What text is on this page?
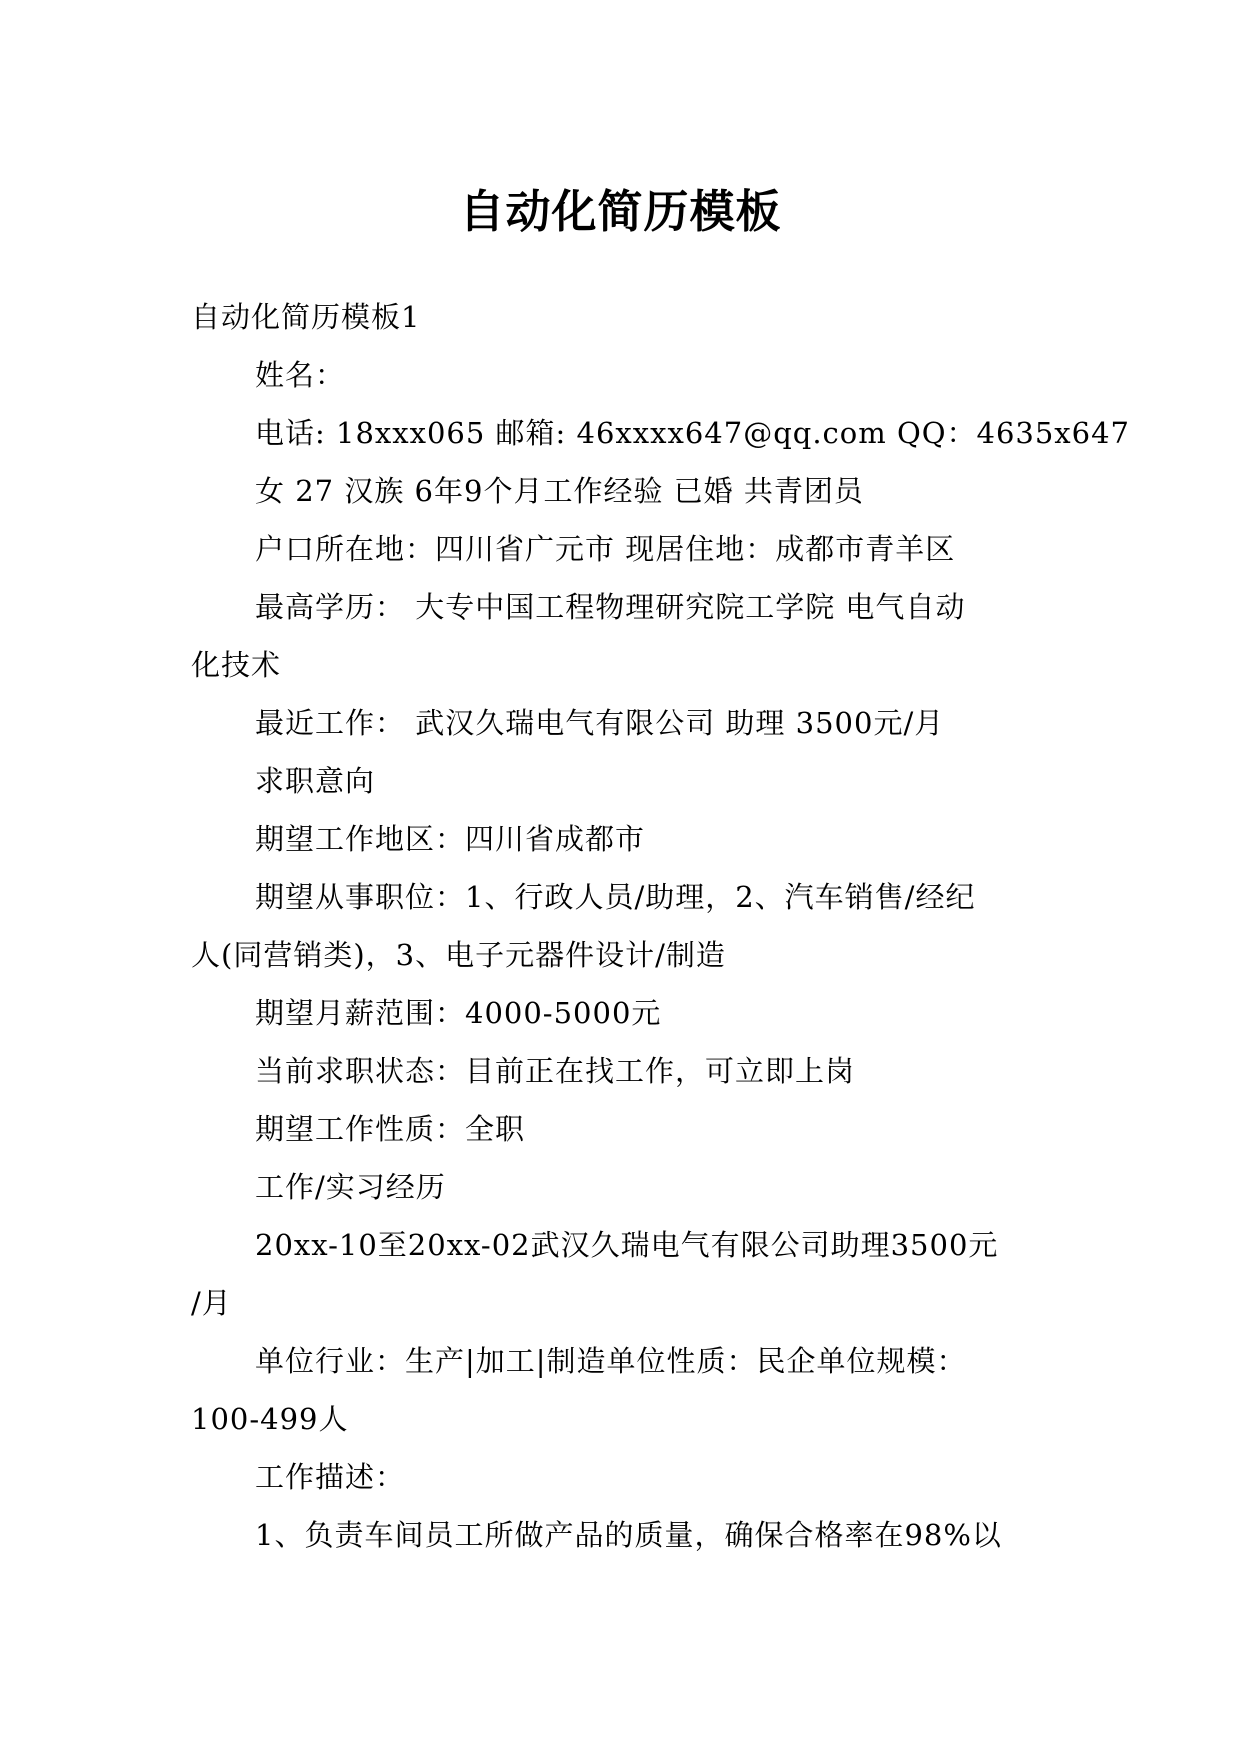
自动化简历模板

自动化简历模板1

姓名：

电话: 18xxx065 邮箱: 46xxxx647@qq.com QQ：4635x647

女 27 汉族 6年9个月工作经验 已婚 共青团员

户口所在地：四川省广元市 现居住地：成都市青羊区

最高学历： 大专中国工程物理研究院工学院 电气自动

化技术

最近工作： 武汉久瑞电气有限公司 助理 3500元/月

求职意向

期望工作地区：四川省成都市

期望从事职位：1、行政人员/助理，2、汽车销售/经纪

人(同营销类)，3、电子元器件设计/制造

期望月薪范围：4000-5000元

当前求职状态：目前正在找工作，可立即上岗

期望工作性质：全职

工作/实习经历

20xx-10至20xx-02武汉久瑞电气有限公司助理3500元

/月

单位行业：生产|加工|制造单位性质：民企单位规模：

100-499人

工作描述：

1、负责车间员工所做产品的质量，确保合格率在98%以
